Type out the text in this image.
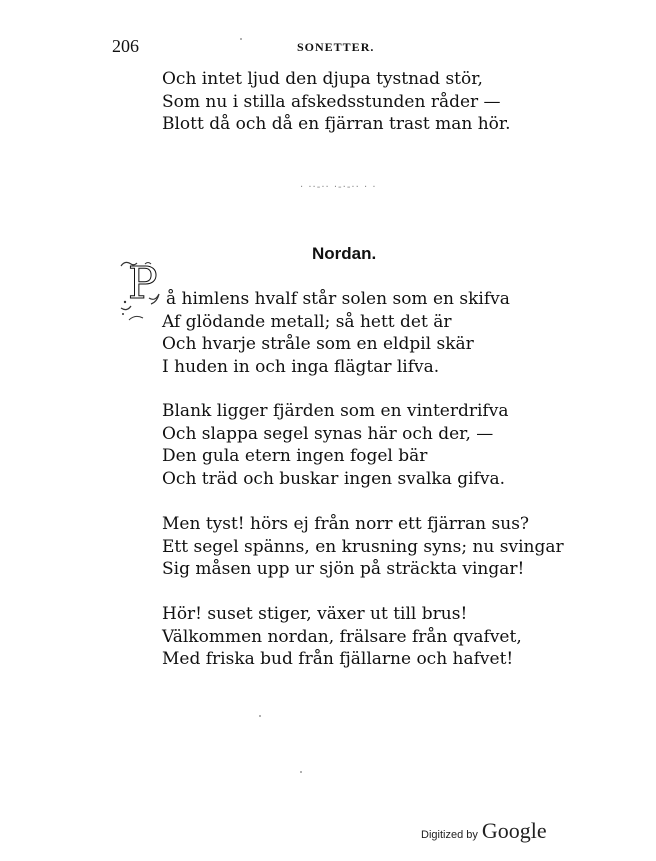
206	SONETTER.
Och intet ljud den djupa tystnad stör,
Som nu i stilla afskedsstunden råder —
Blott då och då en fjärran trast man hör.
· ··-·· ·-·-·· · ·
Nordan.
P å himlens hvalf står solen som en skifva
Af glödande metall; så hett det är
Och hvarje stråle som en eldpil skär
I huden in och inga flägtar lifva.
Blank ligger fjärden som en vinterdrifva
Och slappa segel synas här och der, —
Den gula etern ingen fogel bär
Och träd och buskar ingen svalka gifva.
Men tyst! hörs ej från norr ett fjärran sus?
Ett segel spänns, en krusning syns; nu svingar
Sig måsen upp ur sjön på sträckta vingar!
Hör! suset stiger, växer ut till brus!
Välkommen nordan, frälsare från qvafvet,
Med friska bud från fjällarne och hafvet!
Digitized by Google
